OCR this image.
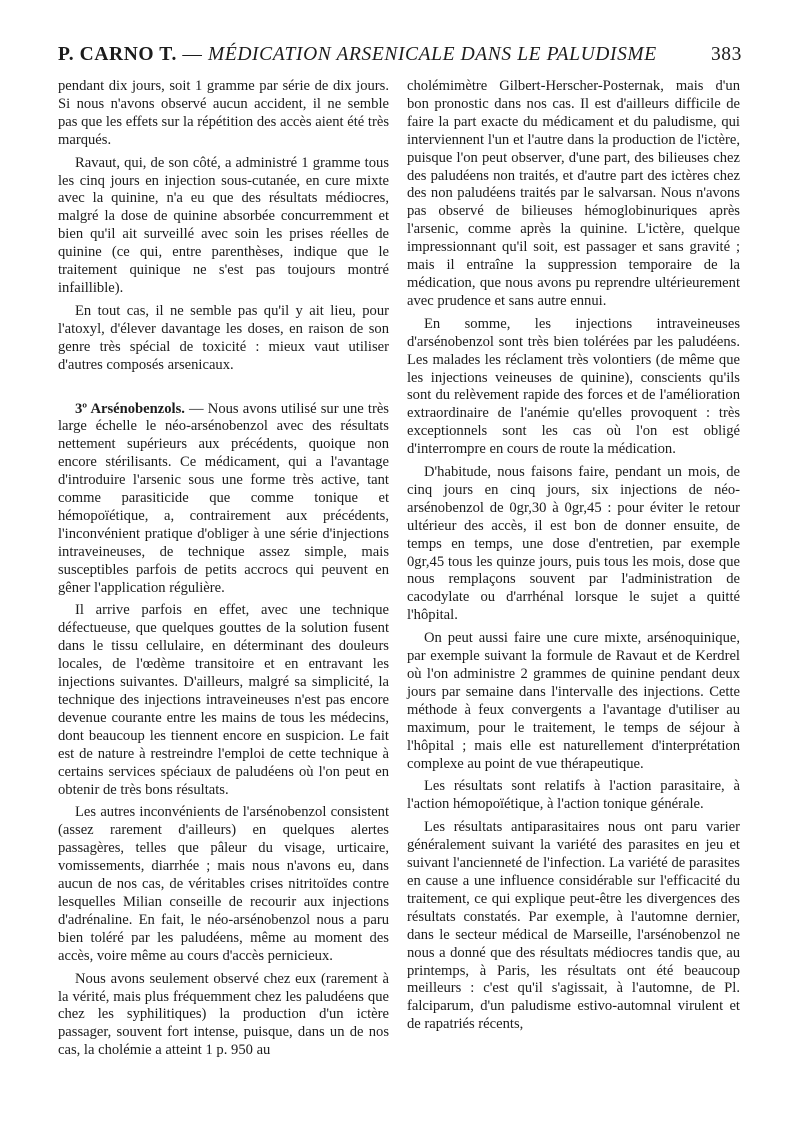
P. CARNO T. — MÉDICATION ARSENICALE DANS LE PALUDISME	383

pendant dix jours, soit 1 gramme par série de dix jours. Si nous n'avons observé aucun accident, il ne semble pas que les effets sur la répétition des accès aient été très marqués.

Ravaut, qui, de son côté, a administré 1 gramme tous les cinq jours en injection sous-cutanée, en cure mixte avec la quinine, n'a eu que des résultats médiocres, malgré la dose de quinine absorbée concurremment et bien qu'il ait surveillé avec soin les prises réelles de quinine (ce qui, entre parenthèses, indique que le traitement quinique ne s'est pas toujours montré infaillible).

En tout cas, il ne semble pas qu'il y ait lieu, pour l'atoxyl, d'élever davantage les doses, en raison de son genre très spécial de toxicité : mieux vaut utiliser d'autres composés arsenicaux.

3º Arsénobenzols. — Nous avons utilisé sur une très large échelle le néo-arsénobenzol avec des résultats nettement supérieurs aux précédents, quoique non encore stérilisants. Ce médicament, qui a l'avantage d'introduire l'arsenic sous une forme très active, tant comme parasiticide que comme tonique et hémopoïétique, a, contrairement aux précédents, l'inconvénient pratique d'obliger à une série d'injections intraveineuses, de technique assez simple, mais susceptibles parfois de petits accrocs qui peuvent en gêner l'application régulière.

Il arrive parfois en effet, avec une technique défectueuse, que quelques gouttes de la solution fusent dans le tissu cellulaire, en déterminant des douleurs locales, de l'œdème transitoire et en entravant les injections suivantes. D'ailleurs, malgré sa simplicité, la technique des injections intraveineuses n'est pas encore devenue courante entre les mains de tous les médecins, dont beaucoup les tiennent encore en suspicion. Le fait est de nature à restreindre l'emploi de cette technique à certains services spéciaux de paludéens où l'on peut en obtenir de très bons résultats.

Les autres inconvénients de l'arsénobenzol consistent (assez rarement d'ailleurs) en quelques alertes passagères, telles que pâleur du visage, urticaire, vomissements, diarrhée ; mais nous n'avons eu, dans aucun de nos cas, de véritables crises nitritoïdes contre lesquelles Milian conseille de recourir aux injections d'adrénaline. En fait, le néo-arsénobenzol nous a paru bien toléré par les paludéens, même au moment des accès, voire même au cours d'accès pernicieux.

Nous avons seulement observé chez eux (rarement à la vérité, mais plus fréquemment chez les paludéens que chez les syphilitiques) la production d'un ictère passager, souvent fort intense, puisque, dans un de nos cas, la cholémie a atteint 1 p. 950 au

cholémimètre Gilbert-Herscher-Posternak, mais d'un bon pronostic dans nos cas. Il est d'ailleurs difficile de faire la part exacte du médicament et du paludisme, qui interviennent l'un et l'autre dans la production de l'ictère, puisque l'on peut observer, d'une part, des bilieuses chez des paludéens non traités, et d'autre part des ictères chez des non paludéens traités par le salvarsan. Nous n'avons pas observé de bilieuses hémoglobinuriques après l'arsenic, comme après la quinine. L'ictère, quelque impressionnant qu'il soit, est passager et sans gravité ; mais il entraîne la suppression temporaire de la médication, que nous avons pu reprendre ultérieurement avec prudence et sans autre ennui.

En somme, les injections intraveineuses d'arsénobenzol sont très bien tolérées par les paludéens. Les malades les réclament très volontiers (de même que les injections veineuses de quinine), conscients qu'ils sont du relèvement rapide des forces et de l'amélioration extraordinaire de l'anémie qu'elles provoquent : très exceptionnels sont les cas où l'on est obligé d'interrompre en cours de route la médication.

D'habitude, nous faisons faire, pendant un mois, de cinq jours en cinq jours, six injections de néo-arsénobenzol de 0gr,30 à 0gr,45 : pour éviter le retour ultérieur des accès, il est bon de donner ensuite, de temps en temps, une dose d'entretien, par exemple 0gr,45 tous les quinze jours, puis tous les mois, dose que nous remplaçons souvent par l'administration de cacodylate ou d'arrhénal lorsque le sujet a quitté l'hôpital.

On peut aussi faire une cure mixte, arsénoquinique, par exemple suivant la formule de Ravaut et de Kerdrel où l'on administre 2 grammes de quinine pendant deux jours par semaine dans l'intervalle des injections. Cette méthode à feux convergents a l'avantage d'utiliser au maximum, pour le traitement, le temps de séjour à l'hôpital ; mais elle est naturellement d'interprétation complexe au point de vue thérapeutique.

Les résultats sont relatifs à l'action parasitaire, à l'action hémopoïétique, à l'action tonique générale.

Les résultats antiparasitaires nous ont paru varier généralement suivant la variété des parasites en jeu et suivant l'ancienneté de l'infection. La variété de parasites en cause a une influence considérable sur l'efficacité du traitement, ce qui explique peut-être les divergences des résultats constatés. Par exemple, à l'automne dernier, dans le secteur médical de Marseille, l'arsénobenzol ne nous a donné que des résultats médiocres tandis que, au printemps, à Paris, les résultats ont été beaucoup meilleurs : c'est qu'il s'agissait, à l'automne, de Pl. falciparum, d'un paludisme estivo-automnal virulent et de rapatriés récents,
